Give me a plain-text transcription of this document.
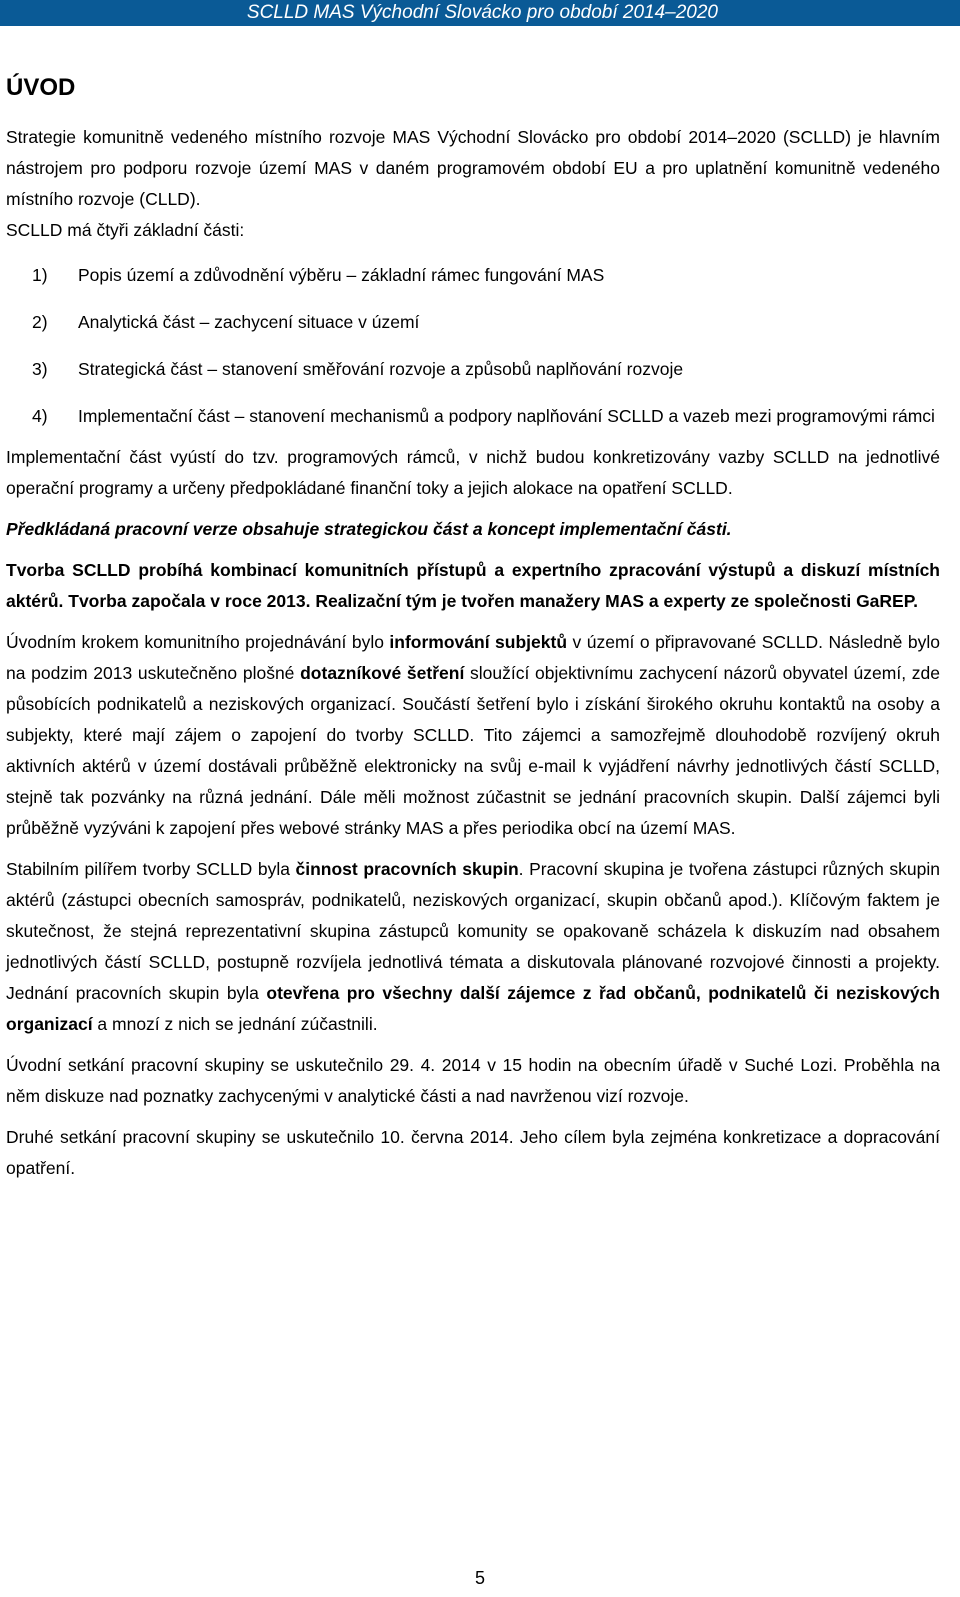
SCLLD MAS Východní Slovácko pro období 2014–2020
ÚVOD

Strategie komunitně vedeného místního rozvoje MAS Východní Slovácko pro období 2014–2020 (SCLLD) je hlavním nástrojem pro podporu rozvoje území MAS v daném programovém období EU a pro uplatnění komunitně vedeného místního rozvoje (CLLD).

SCLLD má čtyři základní části:

1) Popis území a zdůvodnění výběru – základní rámec fungování MAS
2) Analytická část – zachycení situace v území
3) Strategická část – stanovení směřování rozvoje a způsobů naplňování rozvoje
4) Implementační část – stanovení mechanismů a podpory naplňování SCLLD a vazeb mezi programovými rámci

Implementační část vyústí do tzv. programových rámců, v nichž budou konkretizovány vazby SCLLD na jednotlivé operační programy a určeny předpokládané finanční toky a jejich alokace na opatření SCLLD.

Předkládaná pracovní verze obsahuje strategickou část a koncept implementační části.

Tvorba SCLLD probíhá kombinací komunitních přístupů a expertního zpracování výstupů a diskuzí místních aktérů. Tvorba započala v roce 2013. Realizační tým je tvořen manažery MAS a experty ze společnosti GaREP.

Úvodním krokem komunitního projednávání bylo informování subjektů v území o připravované SCLLD. Následně bylo na podzim 2013 uskutečněno plošné dotazníkové šetření sloužící objektivnímu zachycení názorů obyvatel území, zde působících podnikatelů a neziskových organizací. Součástí šetření bylo i získání širokého okruhu kontaktů na osoby a subjekty, které mají zájem o zapojení do tvorby SCLLD. Tito zájemci a samozřejmě dlouhodobě rozvíjený okruh aktivních aktérů v území dostávali průběžně elektronicky na svůj e-mail k vyjádření návrhy jednotlivých částí SCLLD, stejně tak pozvánky na různá jednání. Dále měli možnost zúčastnit se jednání pracovních skupin. Další zájemci byli průběžně vyzýváni k zapojení přes webové stránky MAS a přes periodika obcí na území MAS.

Stabilním pilířem tvorby SCLLD byla činnost pracovních skupin. Pracovní skupina je tvořena zástupci různých skupin aktérů (zástupci obecních samospráv, podnikatelů, neziskových organizací, skupin občanů apod.). Klíčovým faktem je skutečnost, že stejná reprezentativní skupina zástupců komunity se opakovaně scházela k diskuzím nad obsahem jednotlivých částí SCLLD, postupně rozvíjela jednotlivá témata a diskutovala plánované rozvojové činnosti a projekty. Jednání pracovních skupin byla otevřena pro všechny další zájemce z řad občanů, podnikatelů či neziskových organizací a mnozí z nich se jednání zúčastnili.

Úvodní setkání pracovní skupiny se uskutečnilo 29. 4. 2014 v 15 hodin na obecním úřadě v Suché Lozi. Proběhla na něm diskuze nad poznatky zachycenými v analytické části a nad navrženou vizí rozvoje.

Druhé setkání pracovní skupiny se uskutečnilo 10. června 2014. Jeho cílem byla zejména konkretizace a dopracování opatření.

5
